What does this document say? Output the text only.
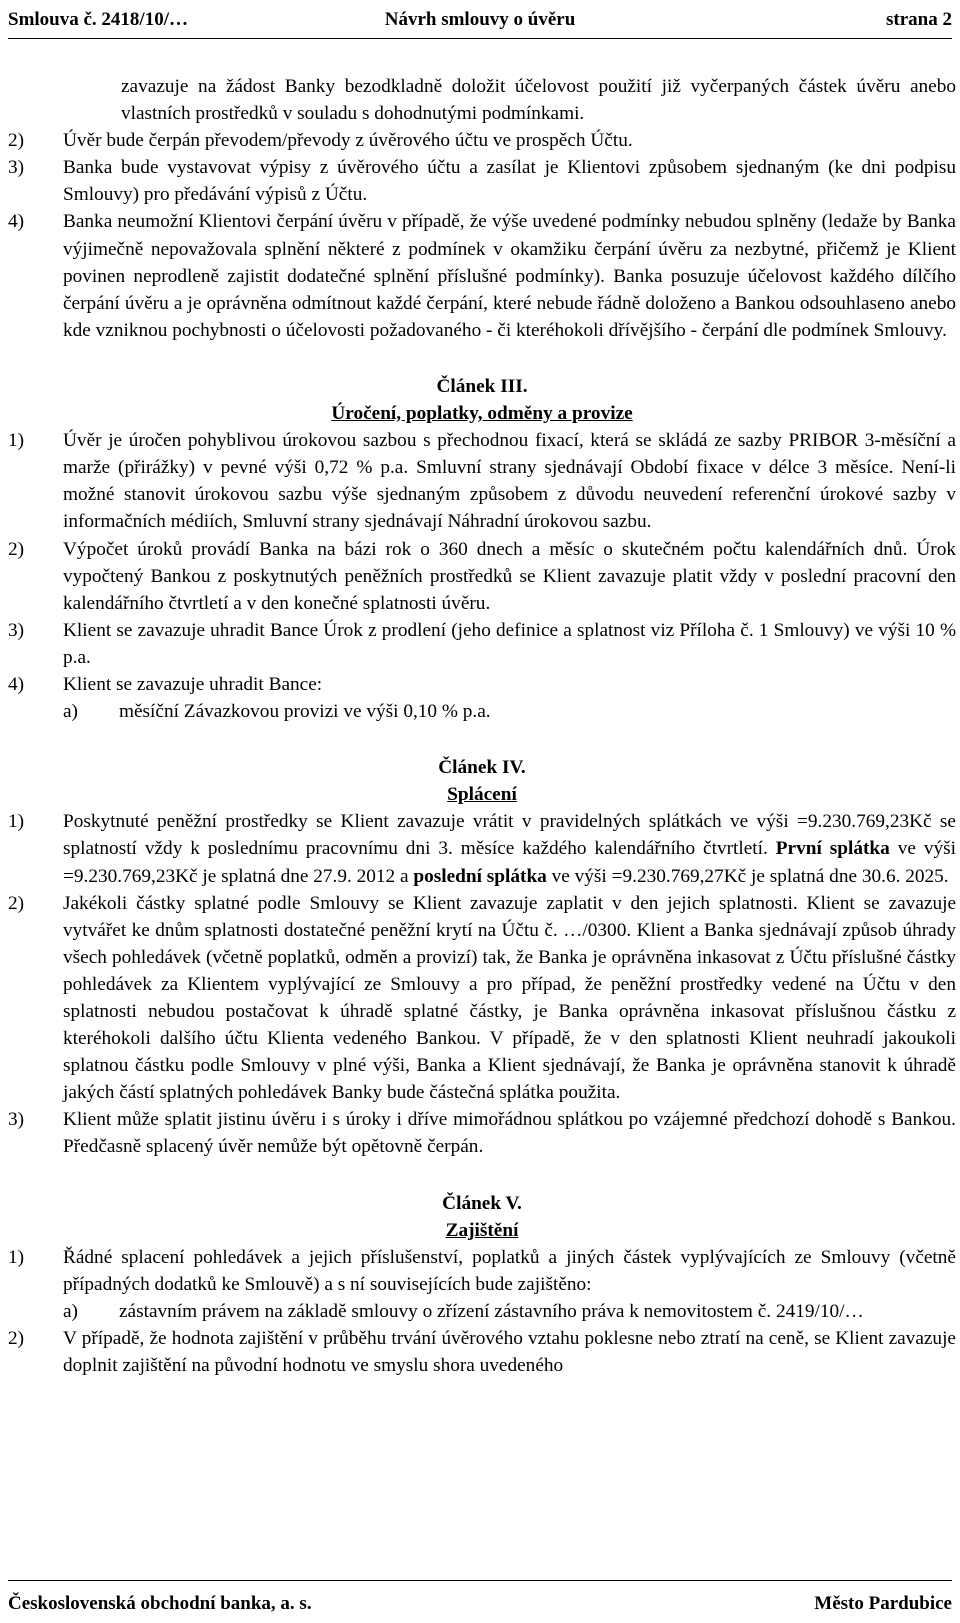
Návrh smlouvy o úvěru
Smlouva č. 2418/10/…	strana 2
zavazuje na žádost Banky bezodkladně doložit účelovost použití již vyčerpaných částek úvěru anebo vlastních prostředků v souladu s dohodnutými podmínkami.
2)	Úvěr bude čerpán převodem/převody z úvěrového účtu ve prospěch Účtu.
3)	Banka bude vystavovat výpisy z úvěrového účtu a zasílat je Klientovi způsobem sjednaným (ke dni podpisu Smlouvy) pro předávání výpisů z Účtu.
4)	Banka neumožní Klientovi čerpání úvěru v případě, že výše uvedené podmínky nebudou splněny (ledaže by Banka výjimečně nepovažovala splnění některé z podmínek v okamžiku čerpání úvěru za nezbytné, přičemž je Klient povinen neprodleně zajistit dodatečné splnění příslušné podmínky). Banka posuzuje účelovost každého dílčího čerpání úvěru a je oprávněna odmítnout každé čerpání, které nebude řádně doloženo a Bankou odsouhlaseno anebo kde vzniknou pochybnosti o účelovosti požadovaného - či kteréhokoli dřívějšího - čerpání dle podmínek Smlouvy.
Článek III.
Úročení, poplatky, odměny a provize
1)	Úvěr je úročen pohyblivou úrokovou sazbou s přechodnou fixací, která se skládá ze sazby PRIBOR 3-měsíční a marže (přirážky) v pevné výši 0,72 % p.a. Smluvní strany sjednávají Období fixace v délce 3 měsíce. Není-li možné stanovit úrokovou sazbu výše sjednaným způsobem z důvodu neuvedení referenční úrokové sazby v informačních médiích, Smluvní strany sjednávají Náhradní úrokovou sazbu.
2)	Výpočet úroků provádí Banka na bázi rok o 360 dnech a měsíc o skutečném počtu kalendářních dnů. Úrok vypočtený Bankou z poskytnutých peněžních prostředků se Klient zavazuje platit vždy v poslední pracovní den kalendářního čtvrtletí a v den konečné splatnosti úvěru.
3)	Klient se zavazuje uhradit Bance Úrok z prodlení (jeho definice a splatnost viz Příloha č. 1 Smlouvy) ve výši 10 % p.a.
4)	Klient se zavazuje uhradit Bance:
a)	měsíční Závazkovou provizi ve výši 0,10 % p.a.
Článek IV.
Splácení
1)	Poskytnuté peněžní prostředky se Klient zavazuje vrátit v pravidelných splátkách ve výši =9.230.769,23Kč se splatností vždy k poslednímu pracovnímu dni 3. měsíce každého kalendářního čtvrtletí. První splátka ve výši =9.230.769,23Kč je splatná dne 27.9. 2012 a poslední splátka ve výši =9.230.769,27Kč je splatná dne 30.6. 2025.
2)	Jakékoli částky splatné podle Smlouvy se Klient zavazuje zaplatit v den jejich splatnosti. Klient se zavazuje vytvářet ke dnům splatnosti dostatečné peněžní krytí na Účtu č. …/0300. Klient a Banka sjednávají způsob úhrady všech pohledávek (včetně poplatků, odměn a provizí) tak, že Banka je oprávněna inkasovat z Účtu příslušné částky pohledávek za Klientem vyplývající ze Smlouvy a pro případ, že peněžní prostředky vedené na Účtu v den splatnosti nebudou postačovat k úhradě splatné částky, je Banka oprávněna inkasovat příslušnou částku z kteréhokoli dalšího účtu Klienta vedeného Bankou. V případě, že v den splatnosti Klient neuhradí jakoukoli splatnou částku podle Smlouvy v plné výši, Banka a Klient sjednávají, že Banka je oprávněna stanovit k úhradě jakých částí splatných pohledávek Banky bude částečná splátka použita.
3)	Klient může splatit jistinu úvěru i s úroky i dříve mimořádnou splátkou po vzájemné předchozí dohodě s Bankou. Předčasně splacený úvěr nemůže být opětovně čerpán.
Článek V.
Zajištění
1)	Řádné splacení pohledávek a jejich příslušenství, poplatků a jiných částek vyplývajících ze Smlouvy (včetně případných dodatků ke Smlouvě) a s ní souvisejících bude zajištěno:
a)	zástavním právem na základě smlouvy o zřízení zástavního práva k nemovitostem č. 2419/10/…
2)	V případě, že hodnota zajištění v průběhu trvání úvěrového vztahu poklesne nebo ztratí na ceně, se Klient zavazuje doplnit zajištění na původní hodnotu ve smyslu shora uvedeného
Československá obchodní banka, a. s.	Město Pardubice
